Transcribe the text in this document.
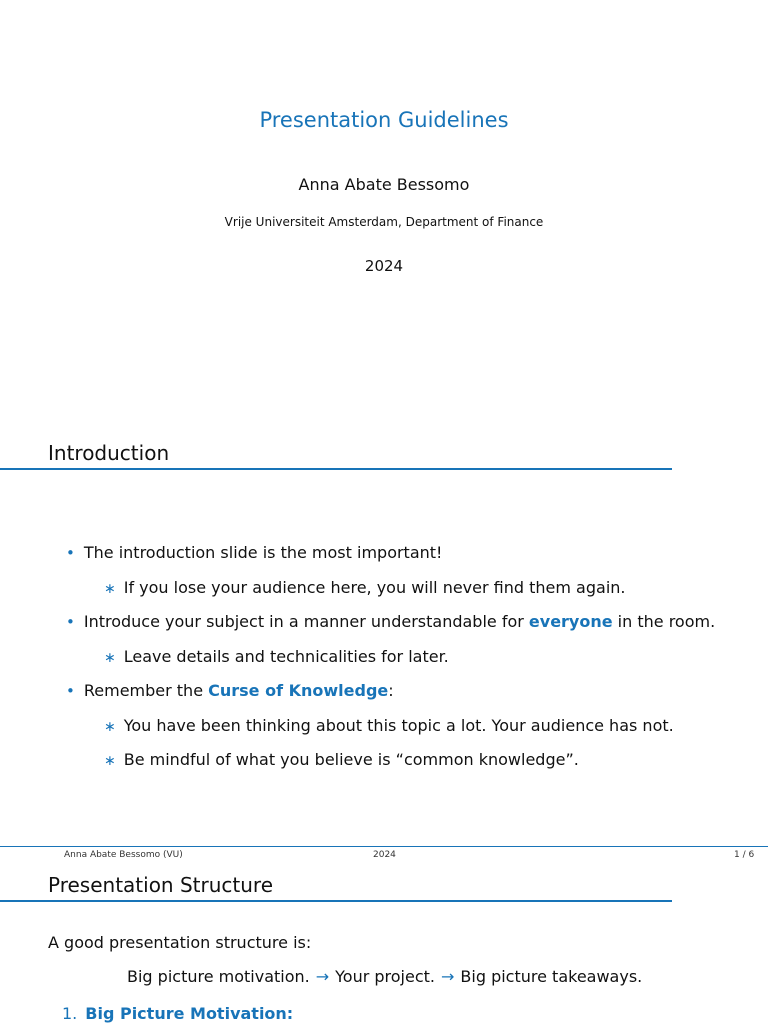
Presentation Guidelines
Anna Abate Bessomo
Vrije Universiteit Amsterdam, Department of Finance
2024
Introduction
• The introduction slide is the most important!
∗ If you lose your audience here, you will never find them again.
• Introduce your subject in a manner understandable for everyone in the room.
∗ Leave details and technicalities for later.
• Remember the Curse of Knowledge:
∗ You have been thinking about this topic a lot. Your audience has not.
∗ Be mindful of what you believe is “common knowledge”.
Anna Abate Bessomo (VU)	2024	1 / 6
Presentation Structure
A good presentation structure is:
Big picture motivation. → Your project. → Big picture takeaways.
1. Big Picture Motivation:
